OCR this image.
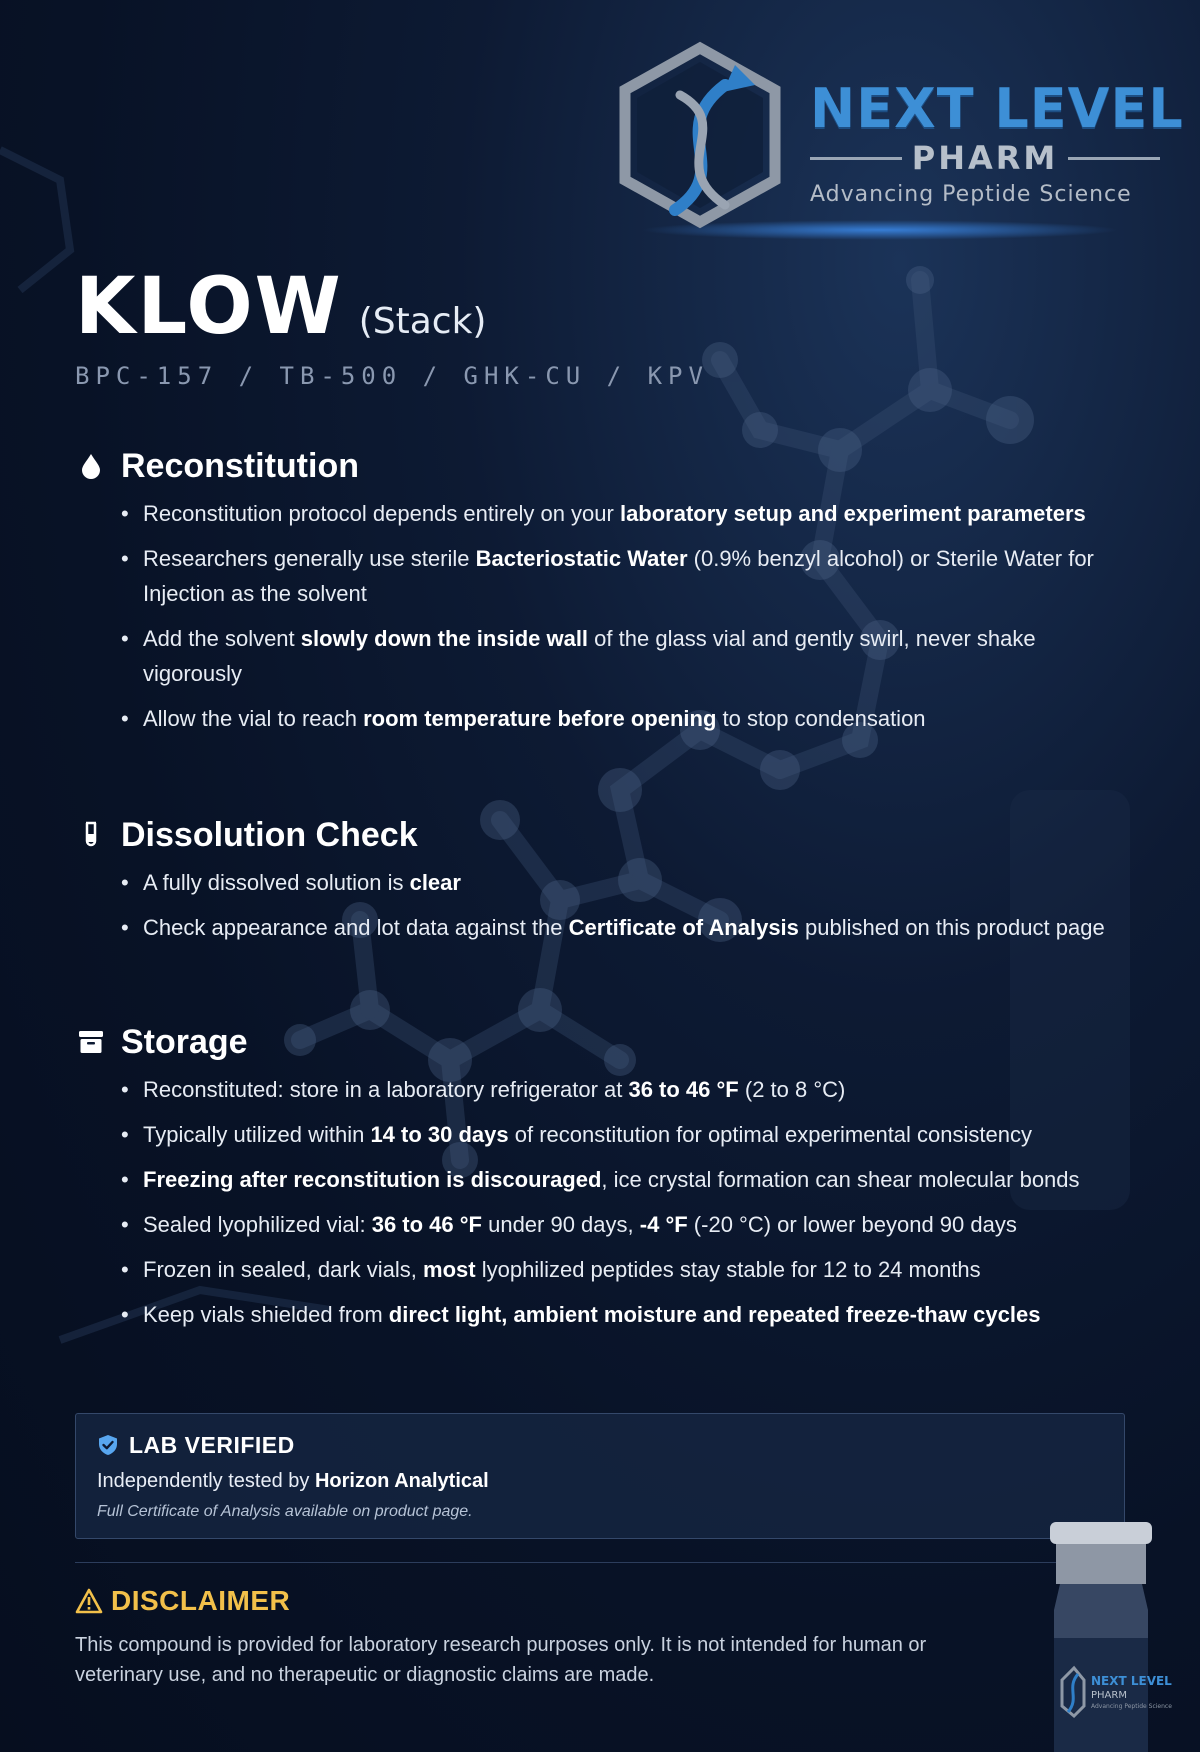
NEXT LEVEL
PHARM
Advancing Peptide Science
KLOW (Stack)
BPC-157 / TB-500 / GHK-CU / KPV
Reconstitution
• Reconstitution protocol depends entirely on your laboratory setup and experiment parameters
• Researchers generally use sterile Bacteriostatic Water (0.9% benzyl alcohol) or Sterile Water for Injection as the solvent
• Add the solvent slowly down the inside wall of the glass vial and gently swirl, never shake vigorously
• Allow the vial to reach room temperature before opening to stop condensation
Dissolution Check
• A fully dissolved solution is clear
• Check appearance and lot data against the Certificate of Analysis published on this product page
Storage
• Reconstituted: store in a laboratory refrigerator at 36 to 46 °F (2 to 8 °C)
• Typically utilized within 14 to 30 days of reconstitution for optimal experimental consistency
• Freezing after reconstitution is discouraged, ice crystal formation can shear molecular bonds
• Sealed lyophilized vial: 36 to 46 °F under 90 days, -4 °F (-20 °C) or lower beyond 90 days
• Frozen in sealed, dark vials, most lyophilized peptides stay stable for 12 to 24 months
• Keep vials shielded from direct light, ambient moisture and repeated freeze-thaw cycles
LAB VERIFIED
Independently tested by Horizon Analytical
Full Certificate of Analysis available on product page.
DISCLAIMER
This compound is provided for laboratory research purposes only. It is not intended for human or veterinary use, and no therapeutic or diagnostic claims are made.	NEXT LEVEL
PHARM
Advancing Peptide Science
